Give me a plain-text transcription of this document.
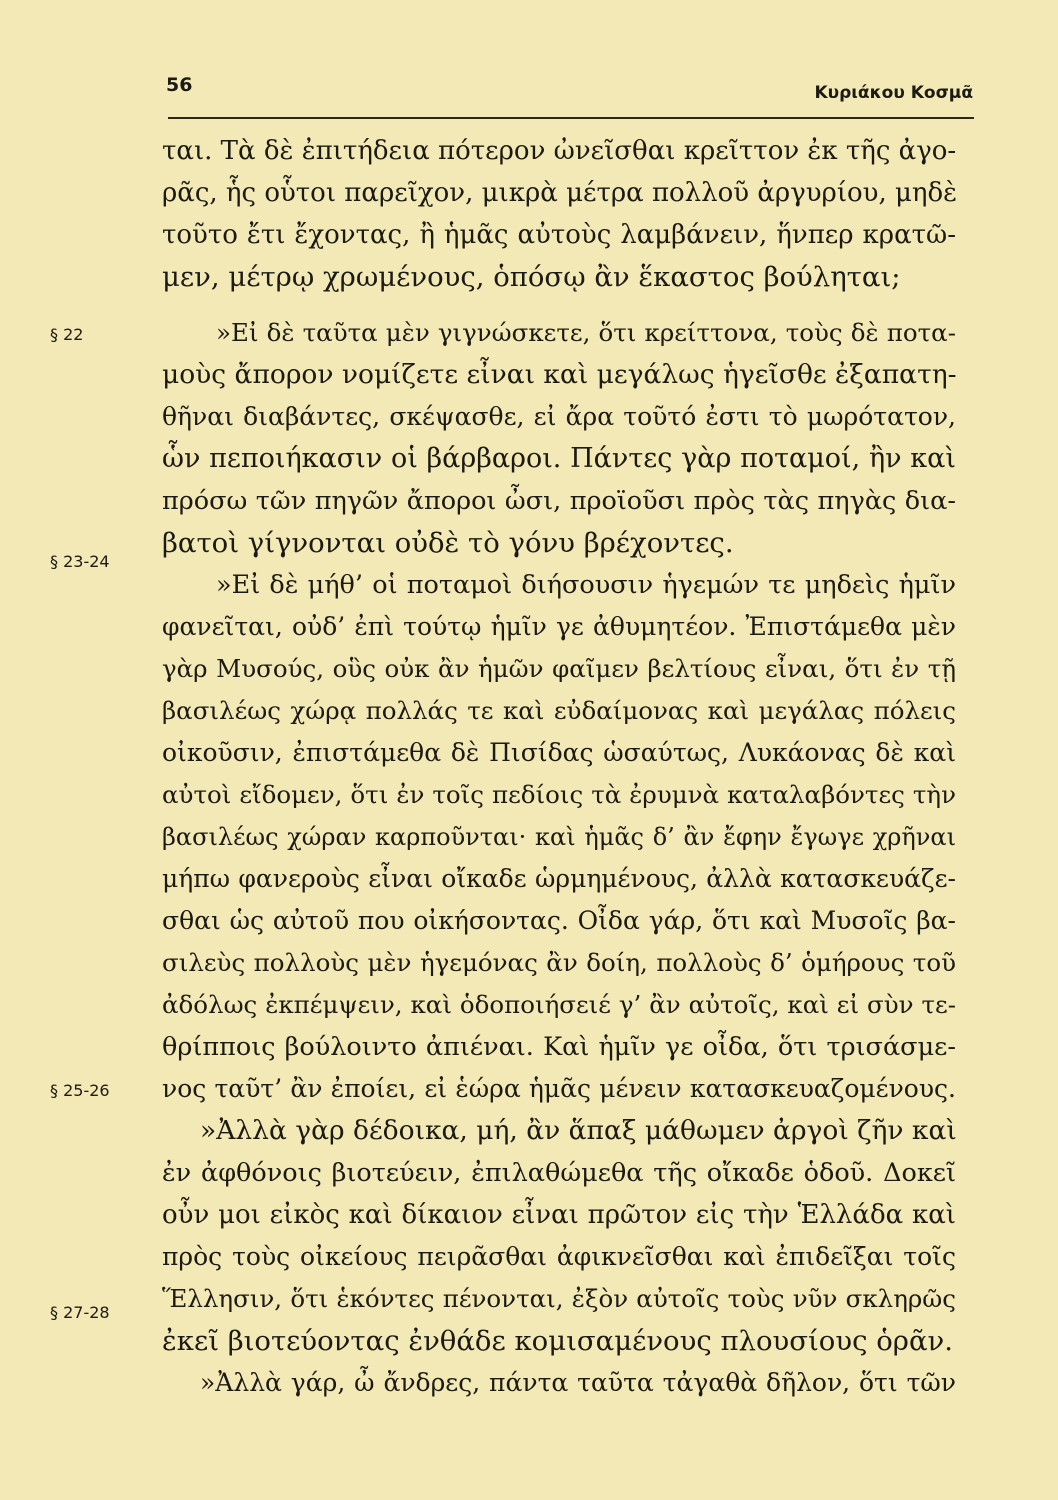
56	Κυριάκου Κοσμᾶ
§ 22
§ 23-24
§ 25-26
§ 27-28
ται. Τὰ δὲ ἐπιτήδεια πότερον ὠνεῖσθαι κρεῖττον ἐκ τῆς ἀγο-
ρᾶς, ἧς οὗτοι παρεῖχον, μικρὰ μέτρα πολλοῦ ἀργυρίου, μηδὲ
τοῦτο ἔτι ἔχοντας, ἢ ἡμᾶς αὐτοὺς λαμβάνειν, ἥνπερ κρατῶ-
μεν, μέτρῳ χρωμένους, ὁπόσῳ ἂν ἕκαστος βούληται;
»Εἰ δὲ ταῦτα μὲν γιγνώσκετε, ὅτι κρείττονα, τοὺς δὲ ποτα-
μοὺς ἄπορον νομίζετε εἶναι καὶ μεγάλως ἡγεῖσθε ἐξαπατη-
θῆναι διαβάντες, σκέψασθε, εἰ ἄρα τοῦτό ἐστι τὸ μωρότατον,
ὧν πεποιήκασιν οἱ βάρβαροι. Πάντες γὰρ ποταμοί, ἢν καὶ
πρόσω τῶν πηγῶν ἄποροι ὦσι, προϊοῦσι πρὸς τὰς πηγὰς δια-
βατοὶ γίγνονται οὐδὲ τὸ γόνυ βρέχοντες.
»Εἰ δὲ μήθ’ οἱ ποταμοὶ διήσουσιν ἡγεμών τε μηδεὶς ἡμῖν
φανεῖται, οὐδ’ ἐπὶ τούτῳ ἡμῖν γε ἀθυμητέον. Ἐπιστάμεθα μὲν
γὰρ Μυσούς, οὓς οὐκ ἂν ἡμῶν φαῖμεν βελτίους εἶναι, ὅτι ἐν τῇ
βασιλέως χώρᾳ πολλάς τε καὶ εὐδαίμονας καὶ μεγάλας πόλεις
οἰκοῦσιν, ἐπιστάμεθα δὲ Πισίδας ὡσαύτως, Λυκάονας δὲ καὶ
αὐτοὶ εἴδομεν, ὅτι ἐν τοῖς πεδίοις τὰ ἐρυμνὰ καταλαβόντες τὴν
βασιλέως χώραν καρποῦνται· καὶ ἡμᾶς δ’ ἂν ἔφην ἔγωγε χρῆναι
μήπω φανεροὺς εἶναι οἴκαδε ὡρμημένους, ἀλλὰ κατασκευάζε-
σθαι ὡς αὐτοῦ που οἰκήσοντας. Οἶδα γάρ, ὅτι καὶ Μυσοῖς βα-
σιλεὺς πολλοὺς μὲν ἡγεμόνας ἂν δοίη, πολλοὺς δ’ ὁμήρους τοῦ
ἀδόλως ἐκπέμψειν, καὶ ὁδοποιήσειέ γ’ ἂν αὐτοῖς, καὶ εἰ σὺν τε-
θρίπποις βούλοιντο ἀπιέναι. Καὶ ἡμῖν γε οἶδα, ὅτι τρισάσμε-
νος ταῦτ’ ἂν ἐποίει, εἰ ἑώρα ἡμᾶς μένειν κατασκευαζομένους.
»Ἀλλὰ γὰρ δέδοικα, μή, ἂν ἅπαξ μάθωμεν ἀργοὶ ζῆν καὶ
ἐν ἀφθόνοις βιοτεύειν, ἐπιλαθώμεθα τῆς οἴκαδε ὁδοῦ. Δοκεῖ
οὖν μοι εἰκὸς καὶ δίκαιον εἶναι πρῶτον εἰς τὴν Ἑλλάδα καὶ
πρὸς τοὺς οἰκείους πειρᾶσθαι ἀφικνεῖσθαι καὶ ἐπιδεῖξαι τοῖς
Ἕλλησιν, ὅτι ἑκόντες πένονται, ἐξὸν αὐτοῖς τοὺς νῦν σκληρῶς
ἐκεῖ βιοτεύοντας ἐνθάδε κομισαμένους πλουσίους ὁρᾶν.
»Ἀλλὰ γάρ, ὦ ἄνδρες, πάντα ταῦτα τἀγαθὰ δῆλον, ὅτι τῶν
